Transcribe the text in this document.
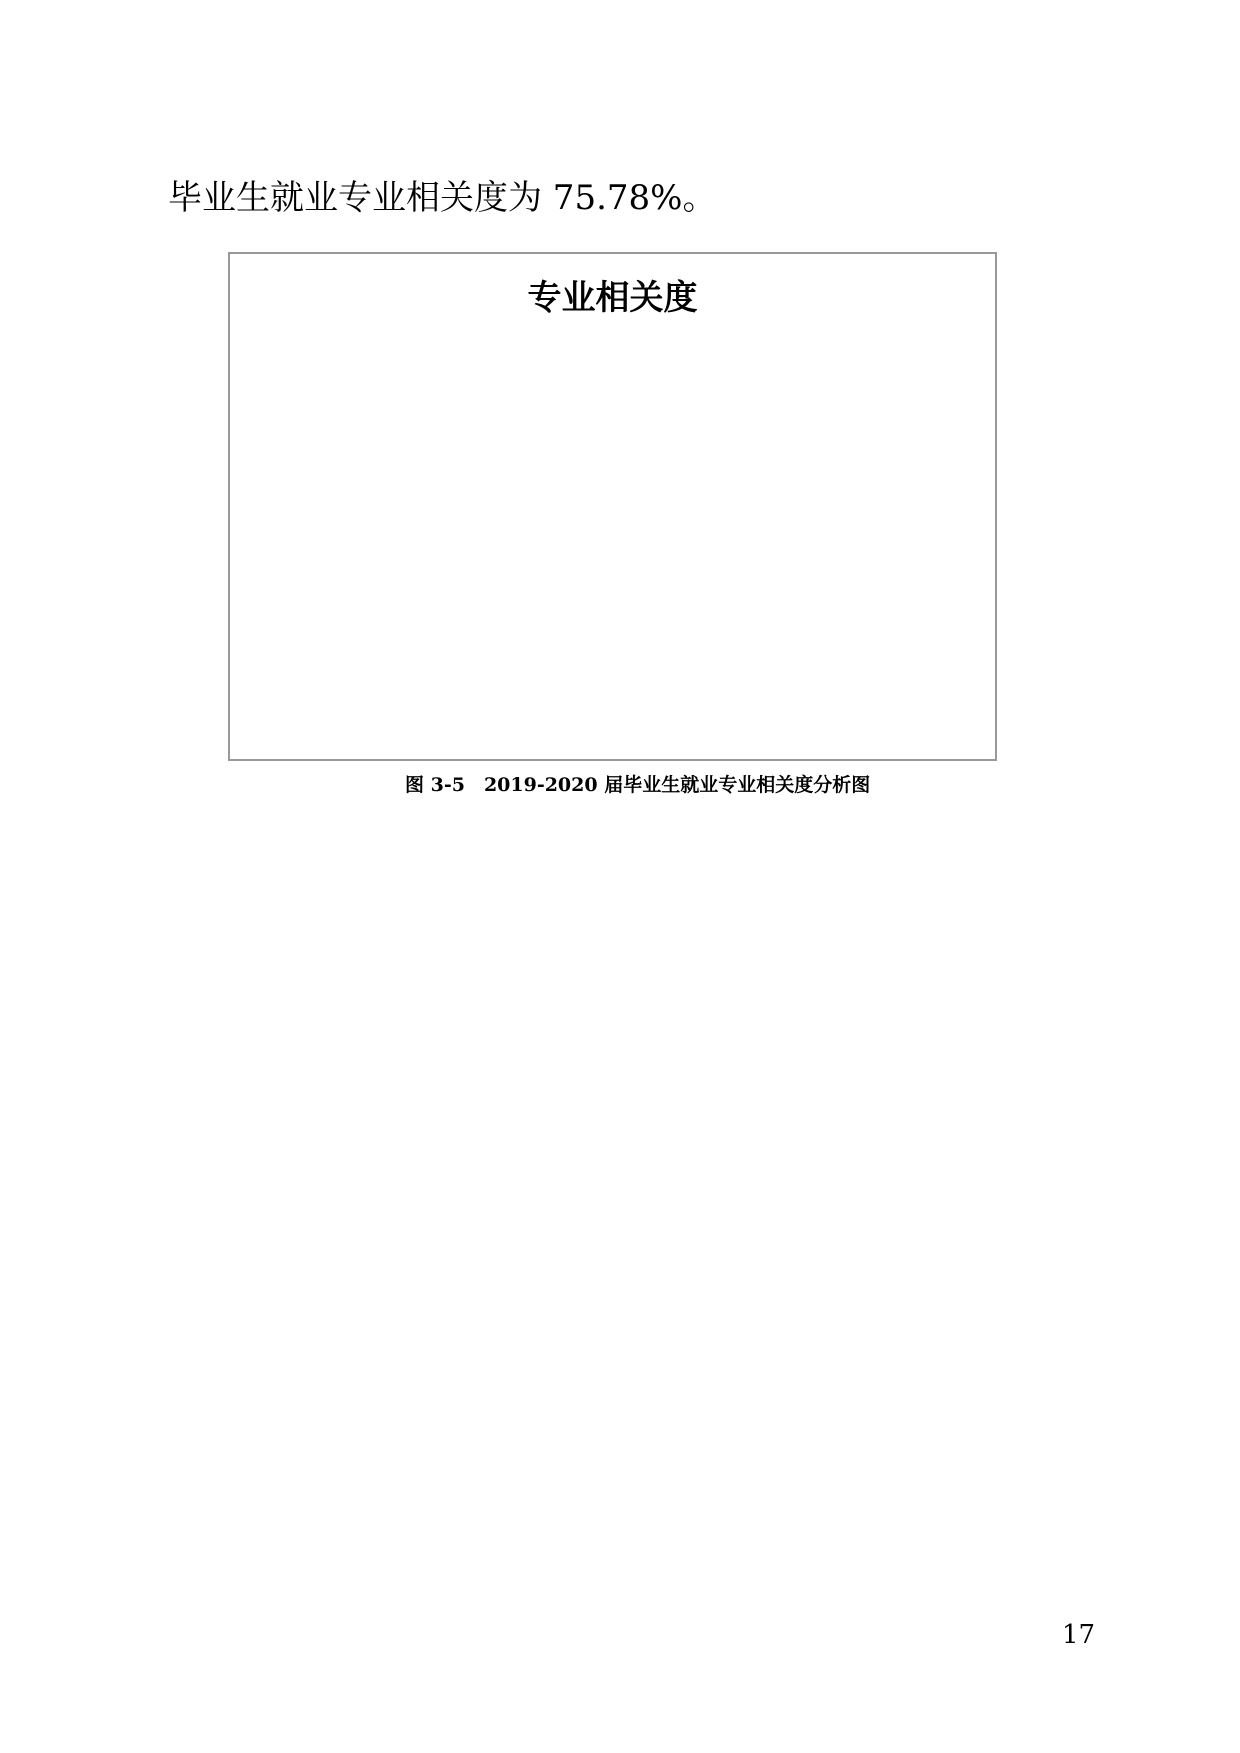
毕业生就业专业相关度为 75.78%。

专业相关度

图 3-5　2019-2020 届毕业生就业专业相关度分析图

17
